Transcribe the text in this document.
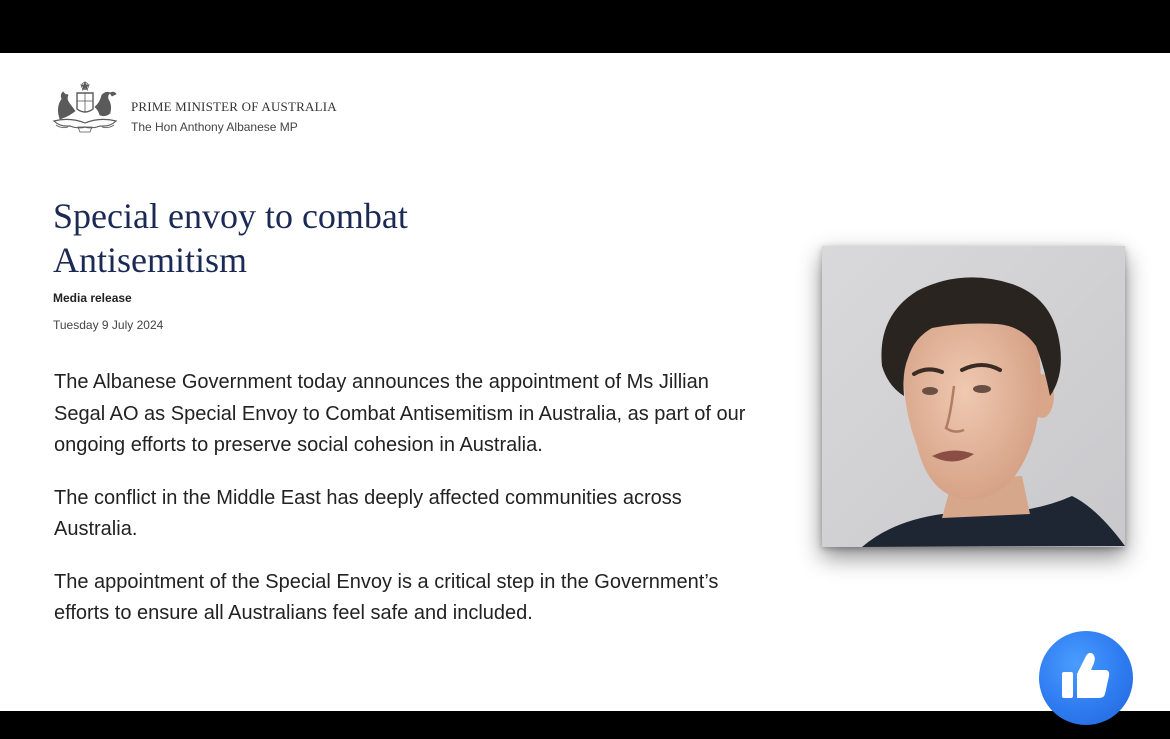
PRIME MINISTER OF AUSTRALIA
The Hon Anthony Albanese MP
Special envoy to combat Antisemitism
Media release
Tuesday 9 July 2024

The Albanese Government today announces the appointment of Ms Jillian Segal AO as Special Envoy to Combat Antisemitism in Australia, as part of our ongoing efforts to preserve social cohesion in Australia.

The conflict in the Middle East has deeply affected communities across Australia.

The appointment of the Special Envoy is a critical step in the Government’s efforts to ensure all Australians feel safe and included.
